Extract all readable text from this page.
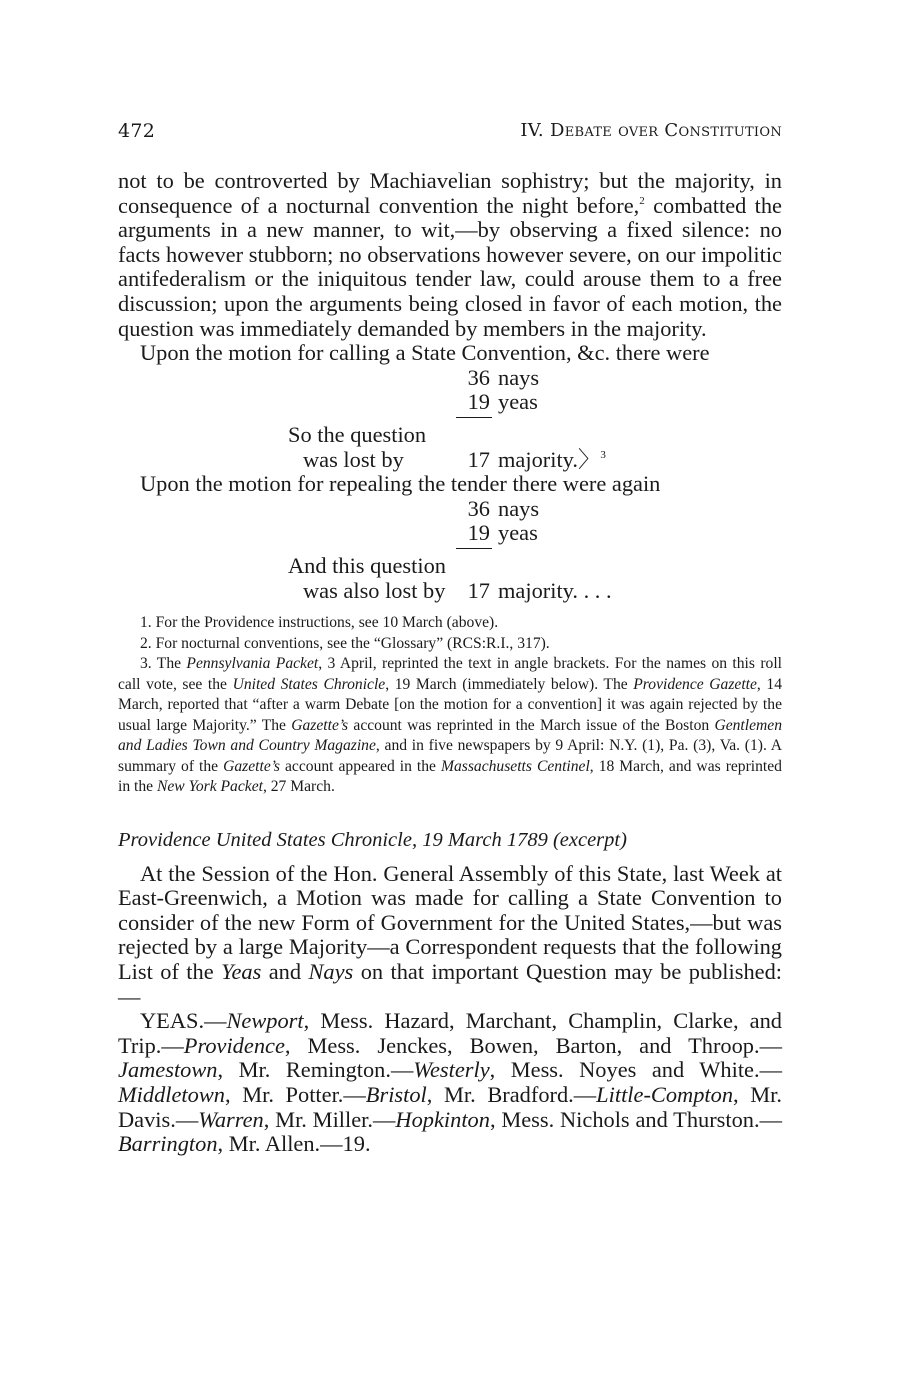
472	IV. Debate over Constitution

not to be controverted by Machiavelian sophistry; but the majority, in consequence of a nocturnal convention the night before,$^2$ combatted the arguments in a new manner, to wit,—by observing a fixed silence: no facts however stubborn; no observations however severe, on our impolitic antifederalism or the iniquitous tender law, could arouse them to a free discussion; upon the arguments being closed in favor of each motion, the question was immediately demanded by members in the majority.

Upon the motion for calling a State Convention, &c. there were

36 nays
19 yeas
So the question
was lost by	17 majority.〉$^3$

Upon the motion for repealing the tender there were again

36 nays
19 yeas
And this question
was also lost by 17 majority. . . .

1. For the Providence instructions, see 10 March (above).

2. For nocturnal conventions, see the “Glossary” (RCS:R.I., 317).

3. The Pennsylvania Packet, 3 April, reprinted the text in angle brackets. For the names on this roll call vote, see the United States Chronicle, 19 March (immediately below). The Providence Gazette, 14 March, reported that “after a warm Debate [on the motion for a convention] it was again rejected by the usual large Majority.” The Gazette’s account was reprinted in the March issue of the Boston Gentlemen and Ladies Town and Country Magazine, and in five newspapers by 9 April: N.Y. (1), Pa. (3), Va. (1). A summary of the Gazette’s account appeared in the Massachusetts Centinel, 18 March, and was reprinted in the New York Packet, 27 March.

Providence United States Chronicle, 19 March 1789 (excerpt)

At the Session of the Hon. General Assembly of this State, last Week at East-Greenwich, a Motion was made for calling a State Convention to consider of the new Form of Government for the United States,—but was rejected by a large Majority—a Correspondent requests that the following List of the Yeas and Nays on that important Question may be published:—

YEAS.—Newport, Mess. Hazard, Marchant, Champlin, Clarke, and Trip.—Providence, Mess. Jenckes, Bowen, Barton, and Throop.—Jamestown, Mr. Remington.—Westerly, Mess. Noyes and White.—Middletown, Mr. Potter.—Bristol, Mr. Bradford.—Little-Compton, Mr. Davis.—Warren, Mr. Miller.—Hopkinton, Mess. Nichols and Thurston.—Barrington, Mr. Allen.—19.
